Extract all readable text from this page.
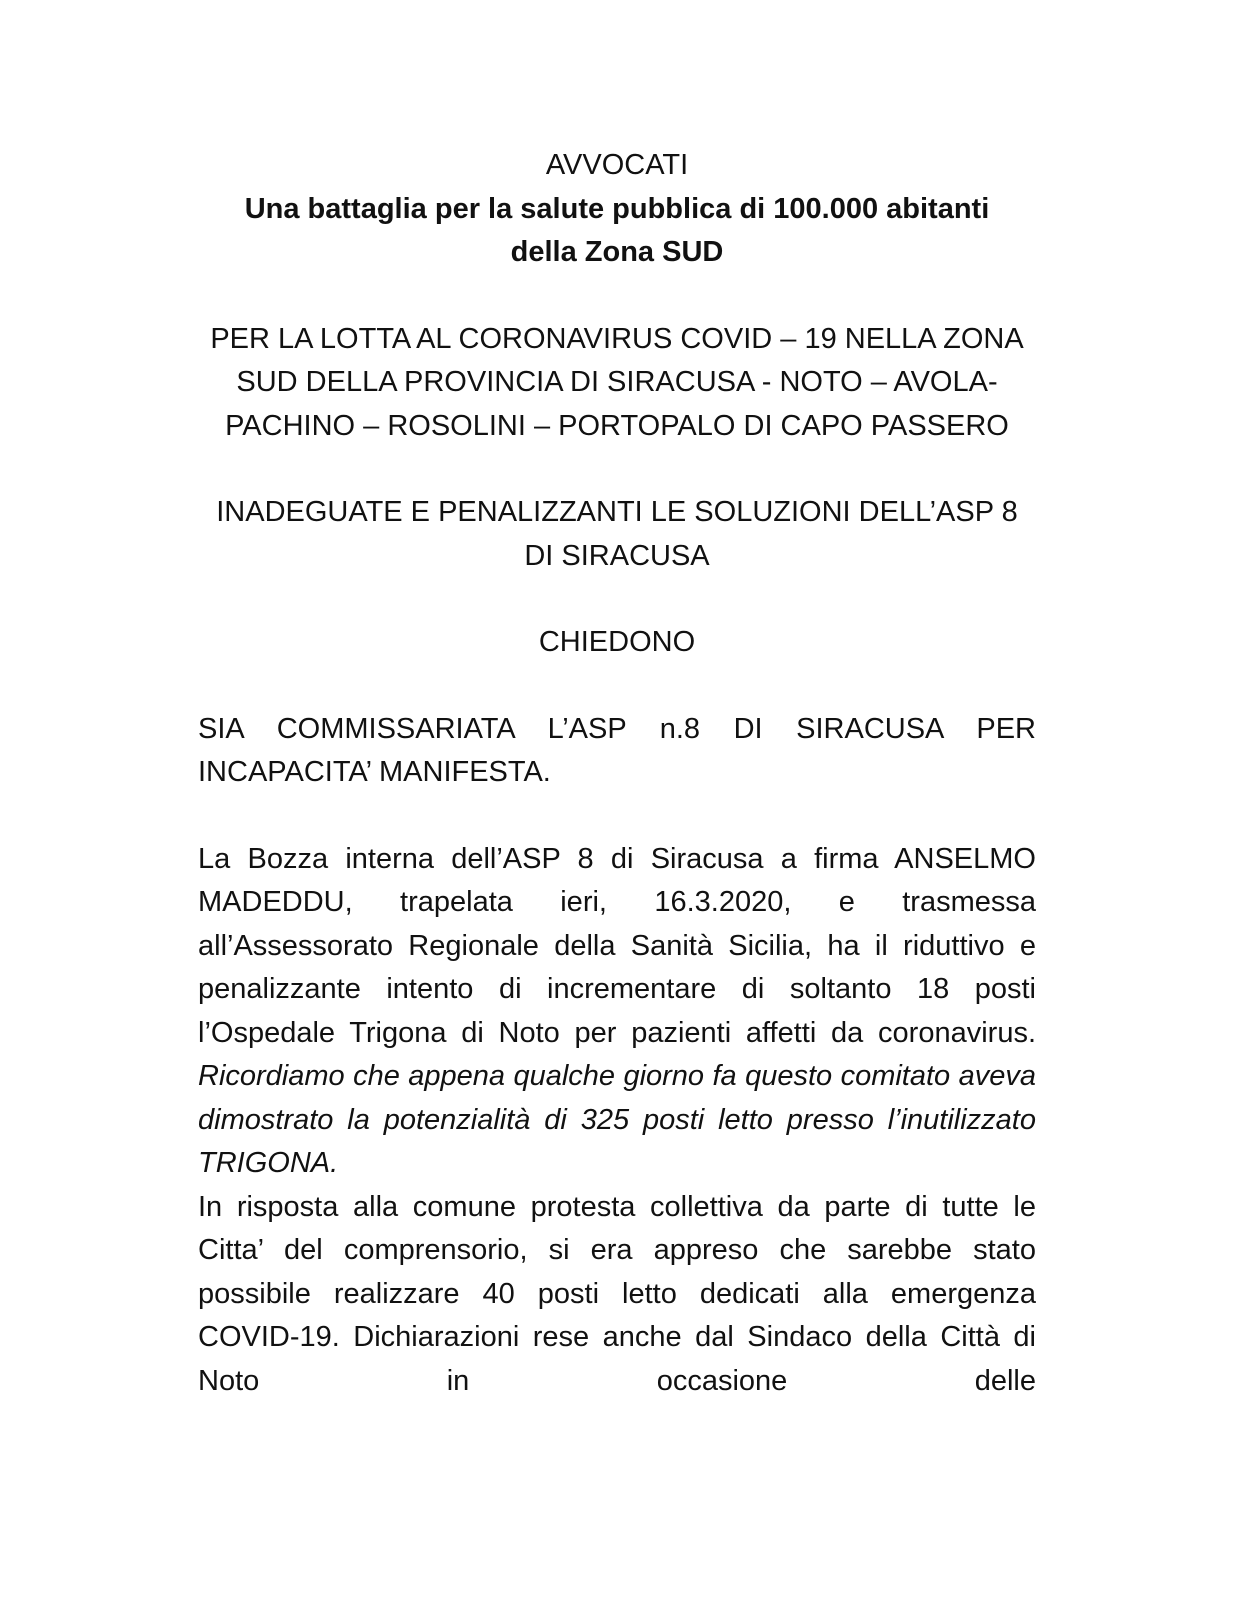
AVVOCATI

Una battaglia per la salute pubblica di 100.000 abitanti della Zona SUD

PER LA LOTTA AL CORONAVIRUS COVID – 19 NELLA ZONA SUD DELLA PROVINCIA DI SIRACUSA - NOTO – AVOLA- PACHINO – ROSOLINI – PORTOPALO DI CAPO PASSERO

INADEGUATE E PENALIZZANTI LE SOLUZIONI DELL’ASP 8 DI SIRACUSA

CHIEDONO

SIA COMMISSARIATA L’ASP n.8 DI SIRACUSA PER INCAPACITA’ MANIFESTA.

La Bozza interna dell’ASP 8 di Siracusa a firma ANSELMO MADEDDU, trapelata ieri, 16.3.2020, e trasmessa all’Assessorato Regionale della Sanità Sicilia, ha il riduttivo e penalizzante intento di incrementare di soltanto 18 posti l’Ospedale Trigona di Noto per pazienti affetti da coronavirus. Ricordiamo che appena qualche giorno fa questo comitato aveva dimostrato la potenzialità di 325 posti letto presso l’inutilizzato TRIGONA.

In risposta alla comune protesta collettiva da parte di tutte le Citta’ del comprensorio, si era appreso che sarebbe stato possibile realizzare 40 posti letto dedicati alla emergenza COVID-19. Dichiarazioni rese anche dal Sindaco della Città di Noto in occasione delle
